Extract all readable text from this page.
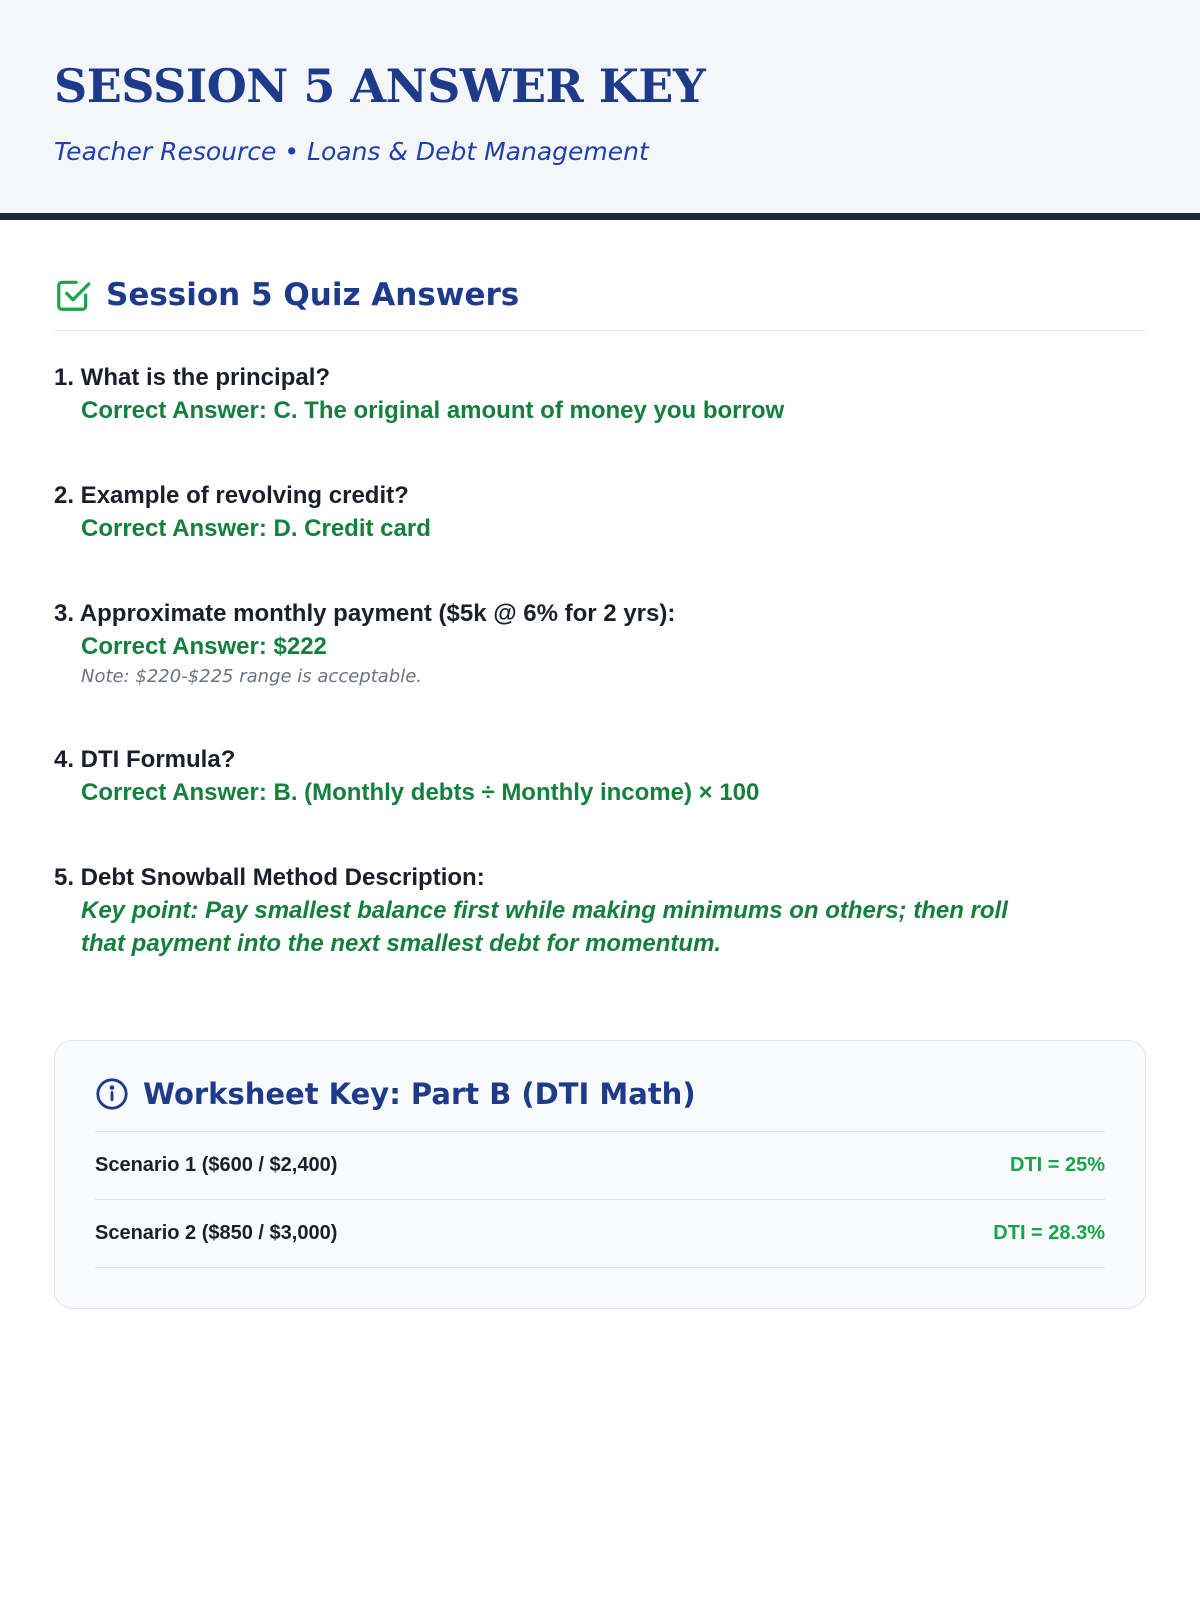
SESSION 5 ANSWER KEY
Teacher Resource • Loans & Debt Management
Session 5 Quiz Answers
1. What is the principal?
Correct Answer: C. The original amount of money you borrow
2. Example of revolving credit?
Correct Answer: D. Credit card
3. Approximate monthly payment ($5k @ 6% for 2 yrs):
Correct Answer: $222
Note: $220-$225 range is acceptable.
4. DTI Formula?
Correct Answer: B. (Monthly debts ÷ Monthly income) × 100
5. Debt Snowball Method Description:
Key point: Pay smallest balance first while making minimums on others; then roll that payment into the next smallest debt for momentum.
Worksheet Key: Part B (DTI Math)
Scenario 1 ($600 / $2,400)	DTI = 25%
Scenario 2 ($850 / $3,000)	DTI = 28.3%
